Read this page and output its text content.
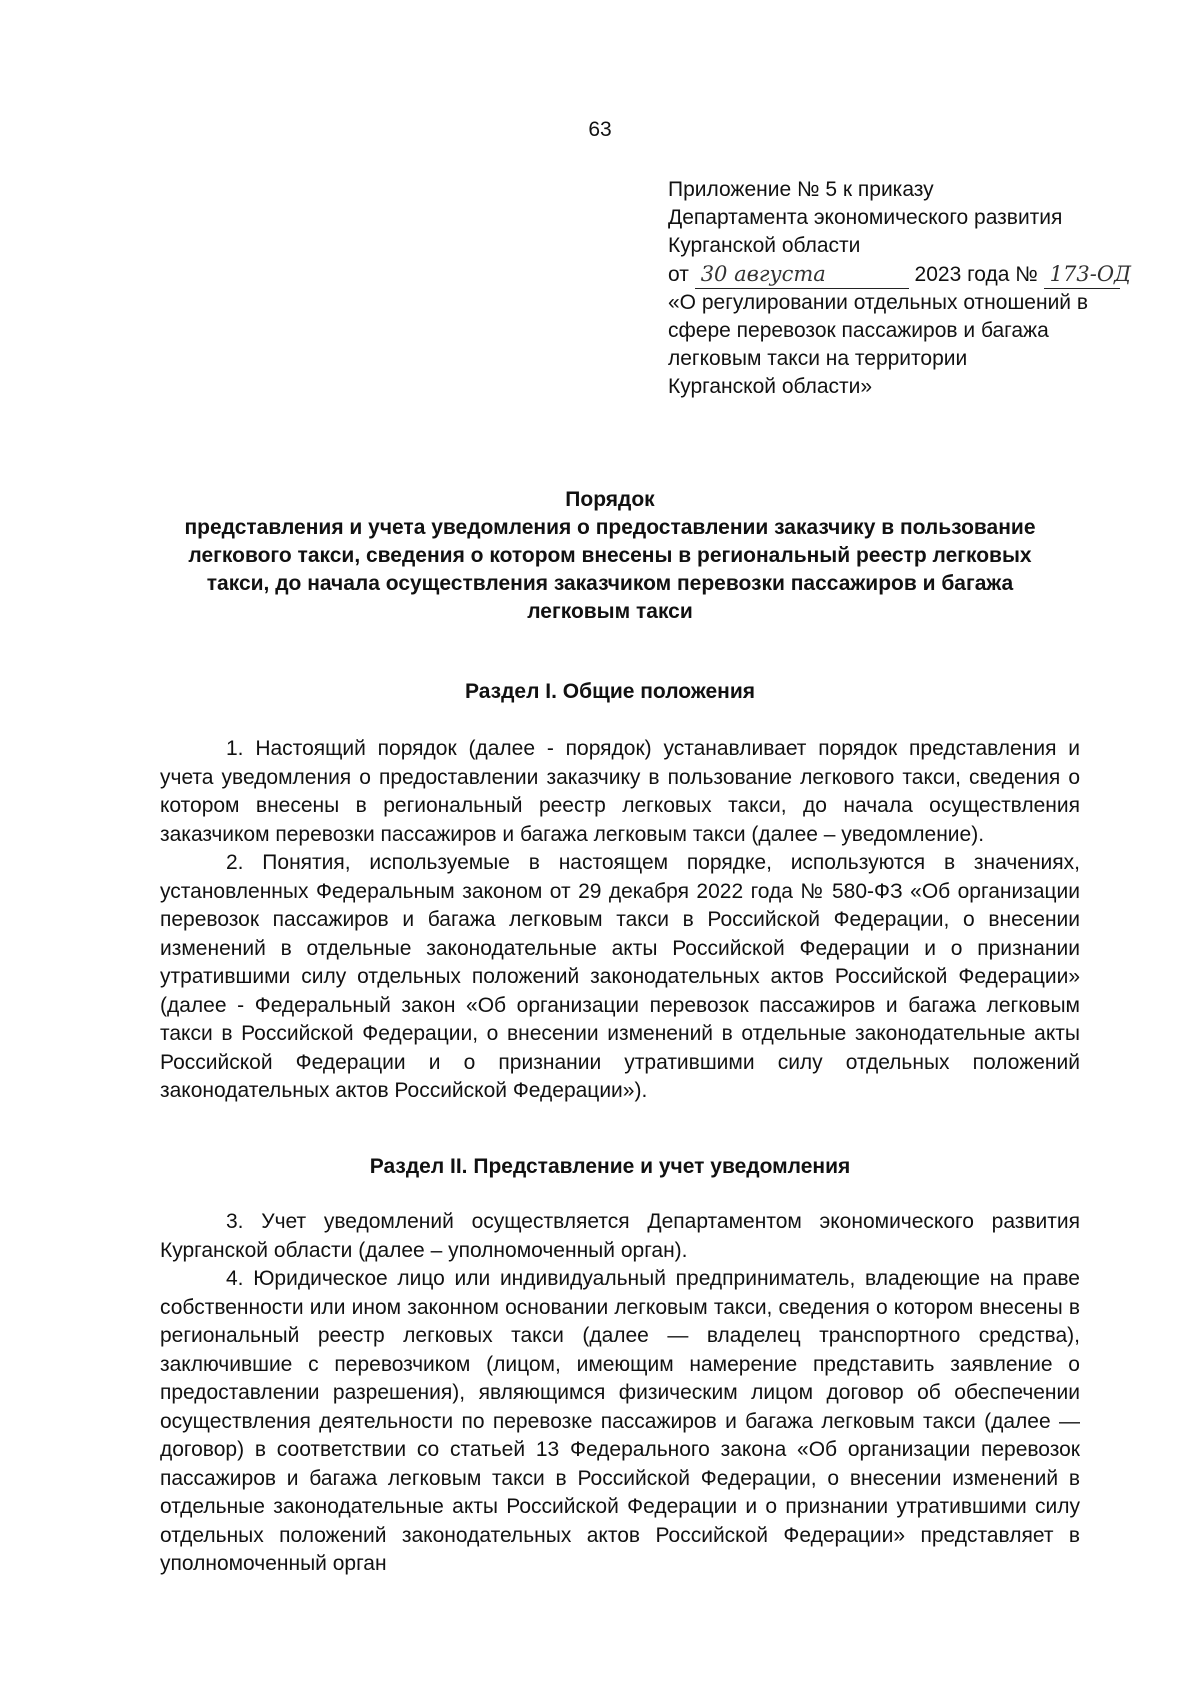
63
Приложение № 5 к приказу
Департамента экономического развития
Курганской области
от 30 августа	2023 года № 173-ОД
«О регулировании отдельных отношений в
сфере перевозок пассажиров и багажа
легковым такси на территории
Курганской области»
Порядок
представления и учета уведомления о предоставлении заказчику в пользование
легкового такси, сведения о котором внесены в региональный реестр легковых
такси, до начала осуществления заказчиком перевозки пассажиров и багажа
легковым такси
Раздел I. Общие положения

1. Настоящий порядок (далее - порядок) устанавливает порядок представления и учета уведомления о предоставлении заказчику в пользование легкового такси, сведения о котором внесены в региональный реестр легковых такси, до начала осуществления заказчиком перевозки пассажиров и багажа легковым такси (далее – уведомление).

2. Понятия, используемые в настоящем порядке, используются в значениях, установленных Федеральным законом от 29 декабря 2022 года № 580-ФЗ «Об организации перевозок пассажиров и багажа легковым такси в Российской Федерации, о внесении изменений в отдельные законодательные акты Российской Федерации и о признании утратившими силу отдельных положений законодательных актов Российской Федерации» (далее - Федеральный закон «Об организации перевозок пассажиров и багажа легковым такси в Российской Федерации, о внесении изменений в отдельные законодательные акты Российской Федерации и о признании утратившими силу отдельных положений законодательных актов Российской Федерации»).

Раздел II. Представление и учет уведомления

3. Учет уведомлений осуществляется Департаментом экономического развития Курганской области (далее – уполномоченный орган).

4. Юридическое лицо или индивидуальный предприниматель, владеющие на праве собственности или ином законном основании легковым такси, сведения о котором внесены в региональный реестр легковых такси (далее — владелец транспортного средства), заключившие с перевозчиком (лицом, имеющим намерение представить заявление о предоставлении разрешения), являющимся физическим лицом договор об обеспечении осуществления деятельности по перевозке пассажиров и багажа легковым такси (далее — договор) в соответствии со статьей 13 Федерального закона «Об организации перевозок пассажиров и багажа легковым такси в Российской Федерации, о внесении изменений в отдельные законодательные акты Российской Федерации и о признании утратившими силу отдельных положений законодательных актов Российской Федерации» представляет в уполномоченный орган
